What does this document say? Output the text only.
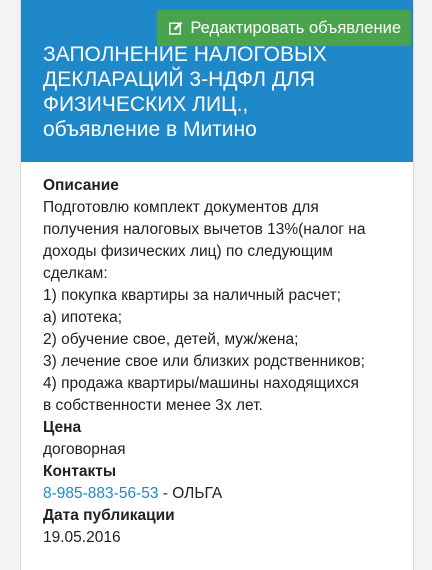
Редактировать объявление
ЗАПОЛНЕНИЕ НАЛОГОВЫХ
ДЕКЛАРАЦИЙ 3-НДФЛ ДЛЯ
ФИЗИЧЕСКИХ ЛИЦ.,
объявление в Митино
Описание
Подготовлю комплект документов для
получения налоговых вычетов 13%(налог на
доходы физических лиц) по следующим
сделкам:
1) покупка квартиры за наличный расчет;
а) ипотека;
2) обучение свое, детей, муж/жена;
3) лечение свое или близких родственников;
4) продажа квартиры/машины находящихся
в собственности менее 3х лет.
Цена
договорная
Контакты
8-985-883-56-53 - ОЛЬГА
Дата публикации
19.05.2016
